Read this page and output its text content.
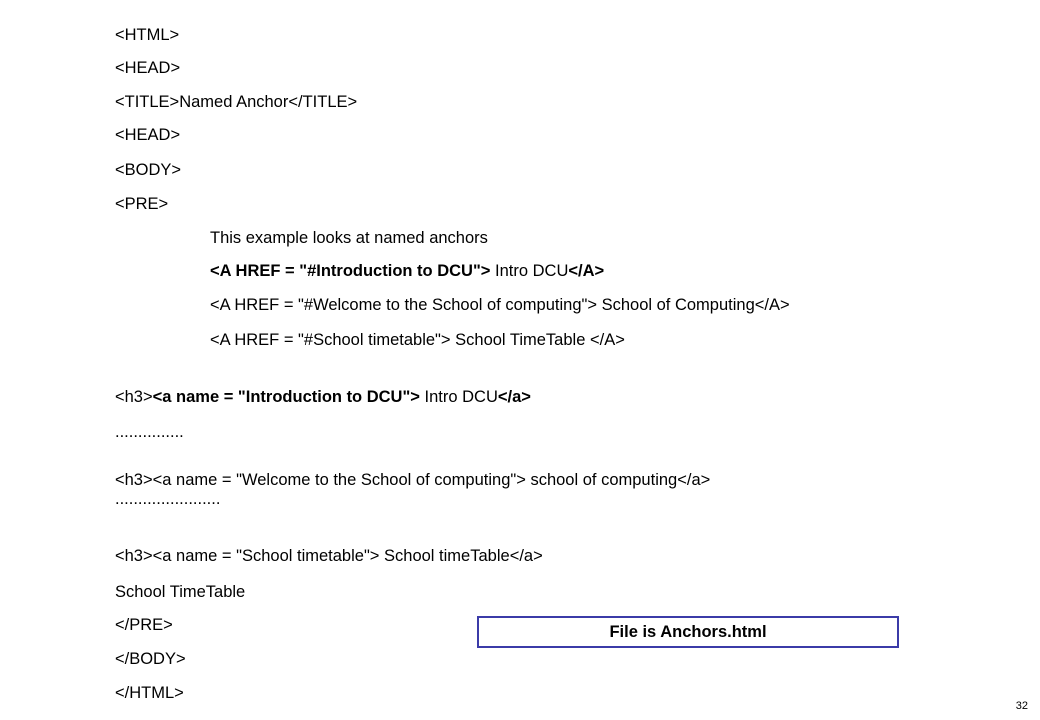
<HTML>
<HEAD>
<TITLE>Named Anchor</TITLE>
<HEAD>
<BODY>
<PRE>
This example looks at named anchors
<A HREF = "#Introduction to DCU"> Intro DCU</A>
<A HREF = "#Welcome to the School of computing"> School of Computing</A>
<A HREF = "#School timetable"> School TimeTable </A>
<h3><a name = "Introduction to DCU"> Intro DCU</a>
...............
<h3><a name = "Welcome to the School of computing"> school of computing</a>
.......................
<h3><a name = "School timetable"> School timeTable</a>
School TimeTable
</PRE>
</BODY>
</HTML>
File is Anchors.html
32
